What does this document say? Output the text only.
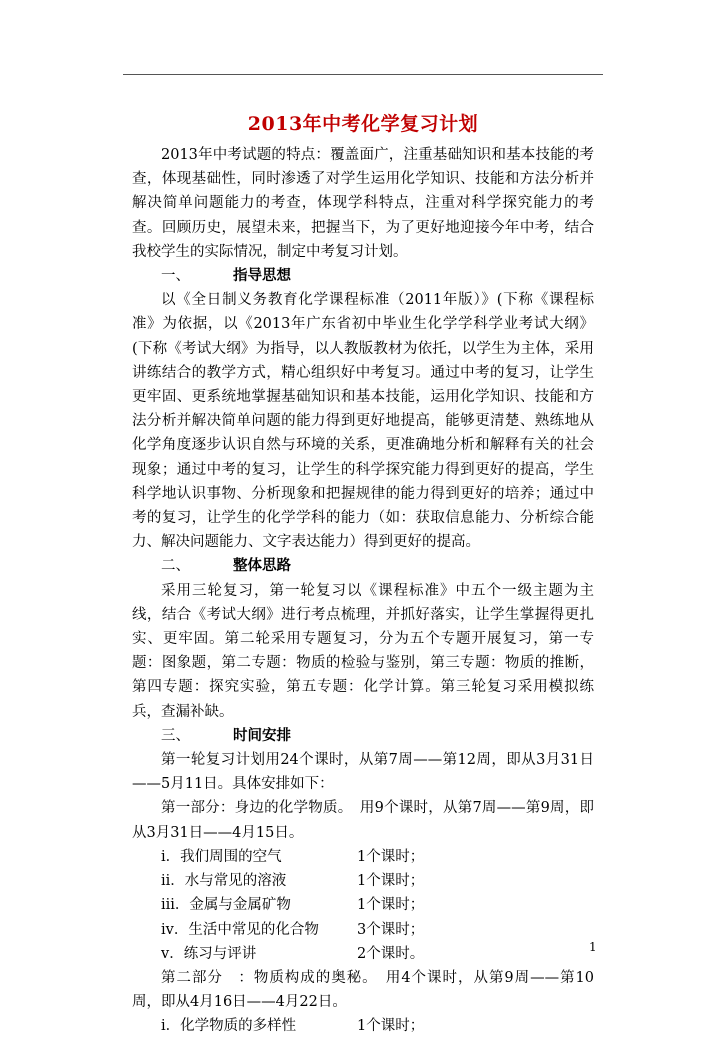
2013年中考化学复习计划

2013年中考试题的特点：覆盖面广，注重基础知识和基本技能的考查，体现基础性，同时渗透了对学生运用化学知识、技能和方法分析并解决简单问题能力的考查，体现学科特点，注重对科学探究能力的考查。回顾历史，展望未来，把握当下，为了更好地迎接今年中考，结合我校学生的实际情况，制定中考复习计划。

一、	指导思想

以《全日制义务教育化学课程标准（2011年版）》(下称《课程标准》为依据，以《2013年广东省初中毕业生化学学科学业考试大纲》(下称《考试大纲》为指导，以人教版教材为依托，以学生为主体，采用讲练结合的教学方式，精心组织好中考复习。通过中考的复习，让学生更牢固、更系统地掌握基础知识和基本技能，运用化学知识、技能和方法分析并解决简单问题的能力得到更好地提高，能够更清楚、熟练地从化学角度逐步认识自然与环境的关系，更准确地分析和解释有关的社会现象；通过中考的复习，让学生的科学探究能力得到更好的提高，学生科学地认识事物、分析现象和把握规律的能力得到更好的培养；通过中考的复习，让学生的化学学科的能力（如：获取信息能力、分析综合能力、解决问题能力、文字表达能力）得到更好的提高。

二、	整体思路

采用三轮复习，第一轮复习以《课程标准》中五个一级主题为主线，结合《考试大纲》进行考点梳理，并抓好落实，让学生掌握得更扎实、更牢固。第二轮采用专题复习，分为五个专题开展复习，第一专题：图象题，第二专题：物质的检验与鉴别，第三专题：物质的推断，第四专题：探究实验，第五专题：化学计算。第三轮复习采用模拟练兵，查漏补缺。

三、	时间安排

第一轮复习计划用24个课时，从第7周——第12周，即从3月31日——5月11日。具体安排如下：

第一部分：身边的化学物质。　用9个课时，从第7周——第9周，即从3月31日——4月15日。

i．我们周围的空气	1个课时；
ii．水与常见的溶液	1个课时；
iii．金属与金属矿物	1个课时；
iv．生活中常见的化合物	3个课时；
v．练习与评讲	2个课时。

第二部分　：物质构成的奥秘。　用4个课时，从第9周——第10周，即从4月16日——4月22日。

i．化学物质的多样性	1个课时；
1
